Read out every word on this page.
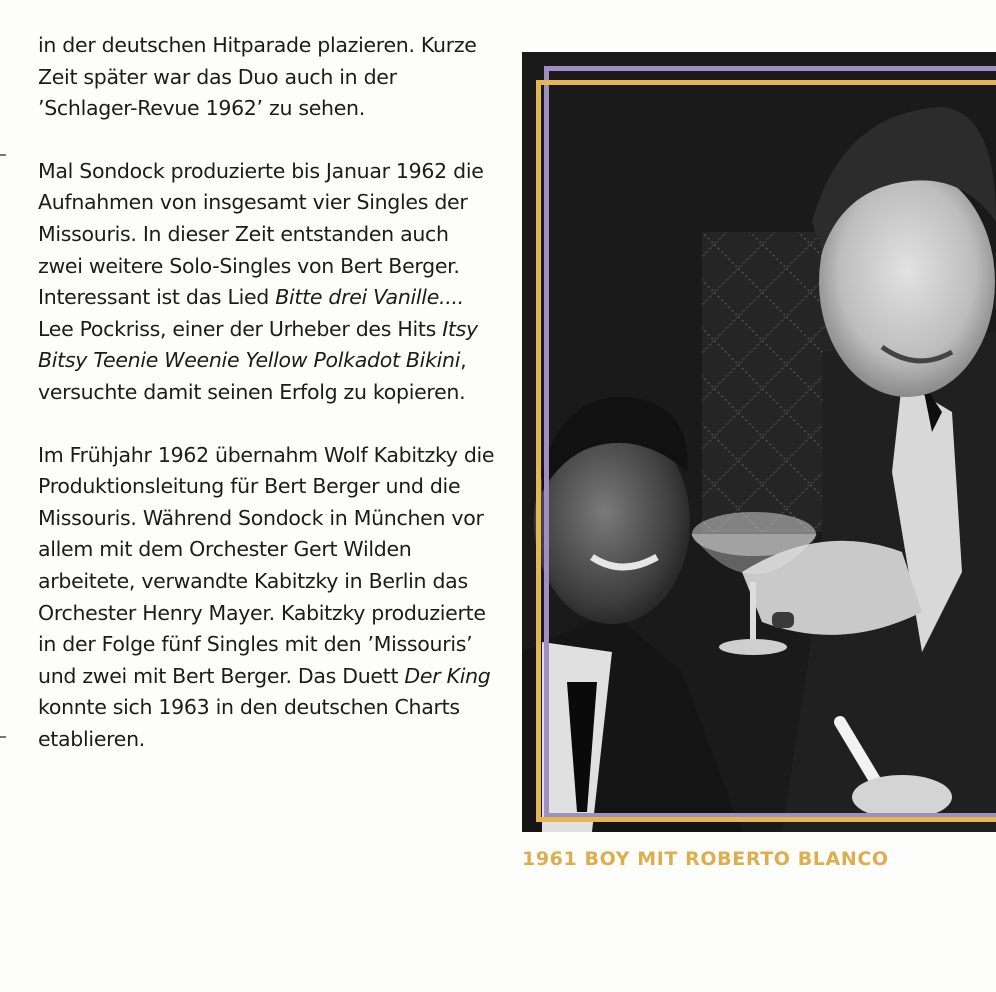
in der deutschen Hitparade plazieren. Kurze Zeit später war das Duo auch in der ’Schlager-Revue 1962’ zu sehen.

Mal Sondock produzierte bis Januar 1962 die Aufnahmen von insgesamt vier Singles der Missouris. In dieser Zeit entstanden auch zwei weitere Solo-Singles von Bert Berger. Interessant ist das Lied Bitte drei Vanille.... Lee Pockriss, einer der Urheber des Hits Itsy Bitsy Teenie Weenie Yellow Polkadot Bikini, versuchte damit seinen Erfolg zu kopieren.

Im Frühjahr 1962 übernahm Wolf Kabitzky die Produktionsleitung für Bert Berger und die Missouris. Während Sondock in München vor allem mit dem Orchester Gert Wilden arbeitete, verwandte Kabitzky in Berlin das Orchester Henry Mayer. Kabitzky produzierte in der Folge fünf Singles mit den ’Missouris’ und zwei mit Bert Berger. Das Duett Der King konnte sich 1963 in den deutschen Charts etablieren.

1961 BOY MIT ROBERTO BLANCO
